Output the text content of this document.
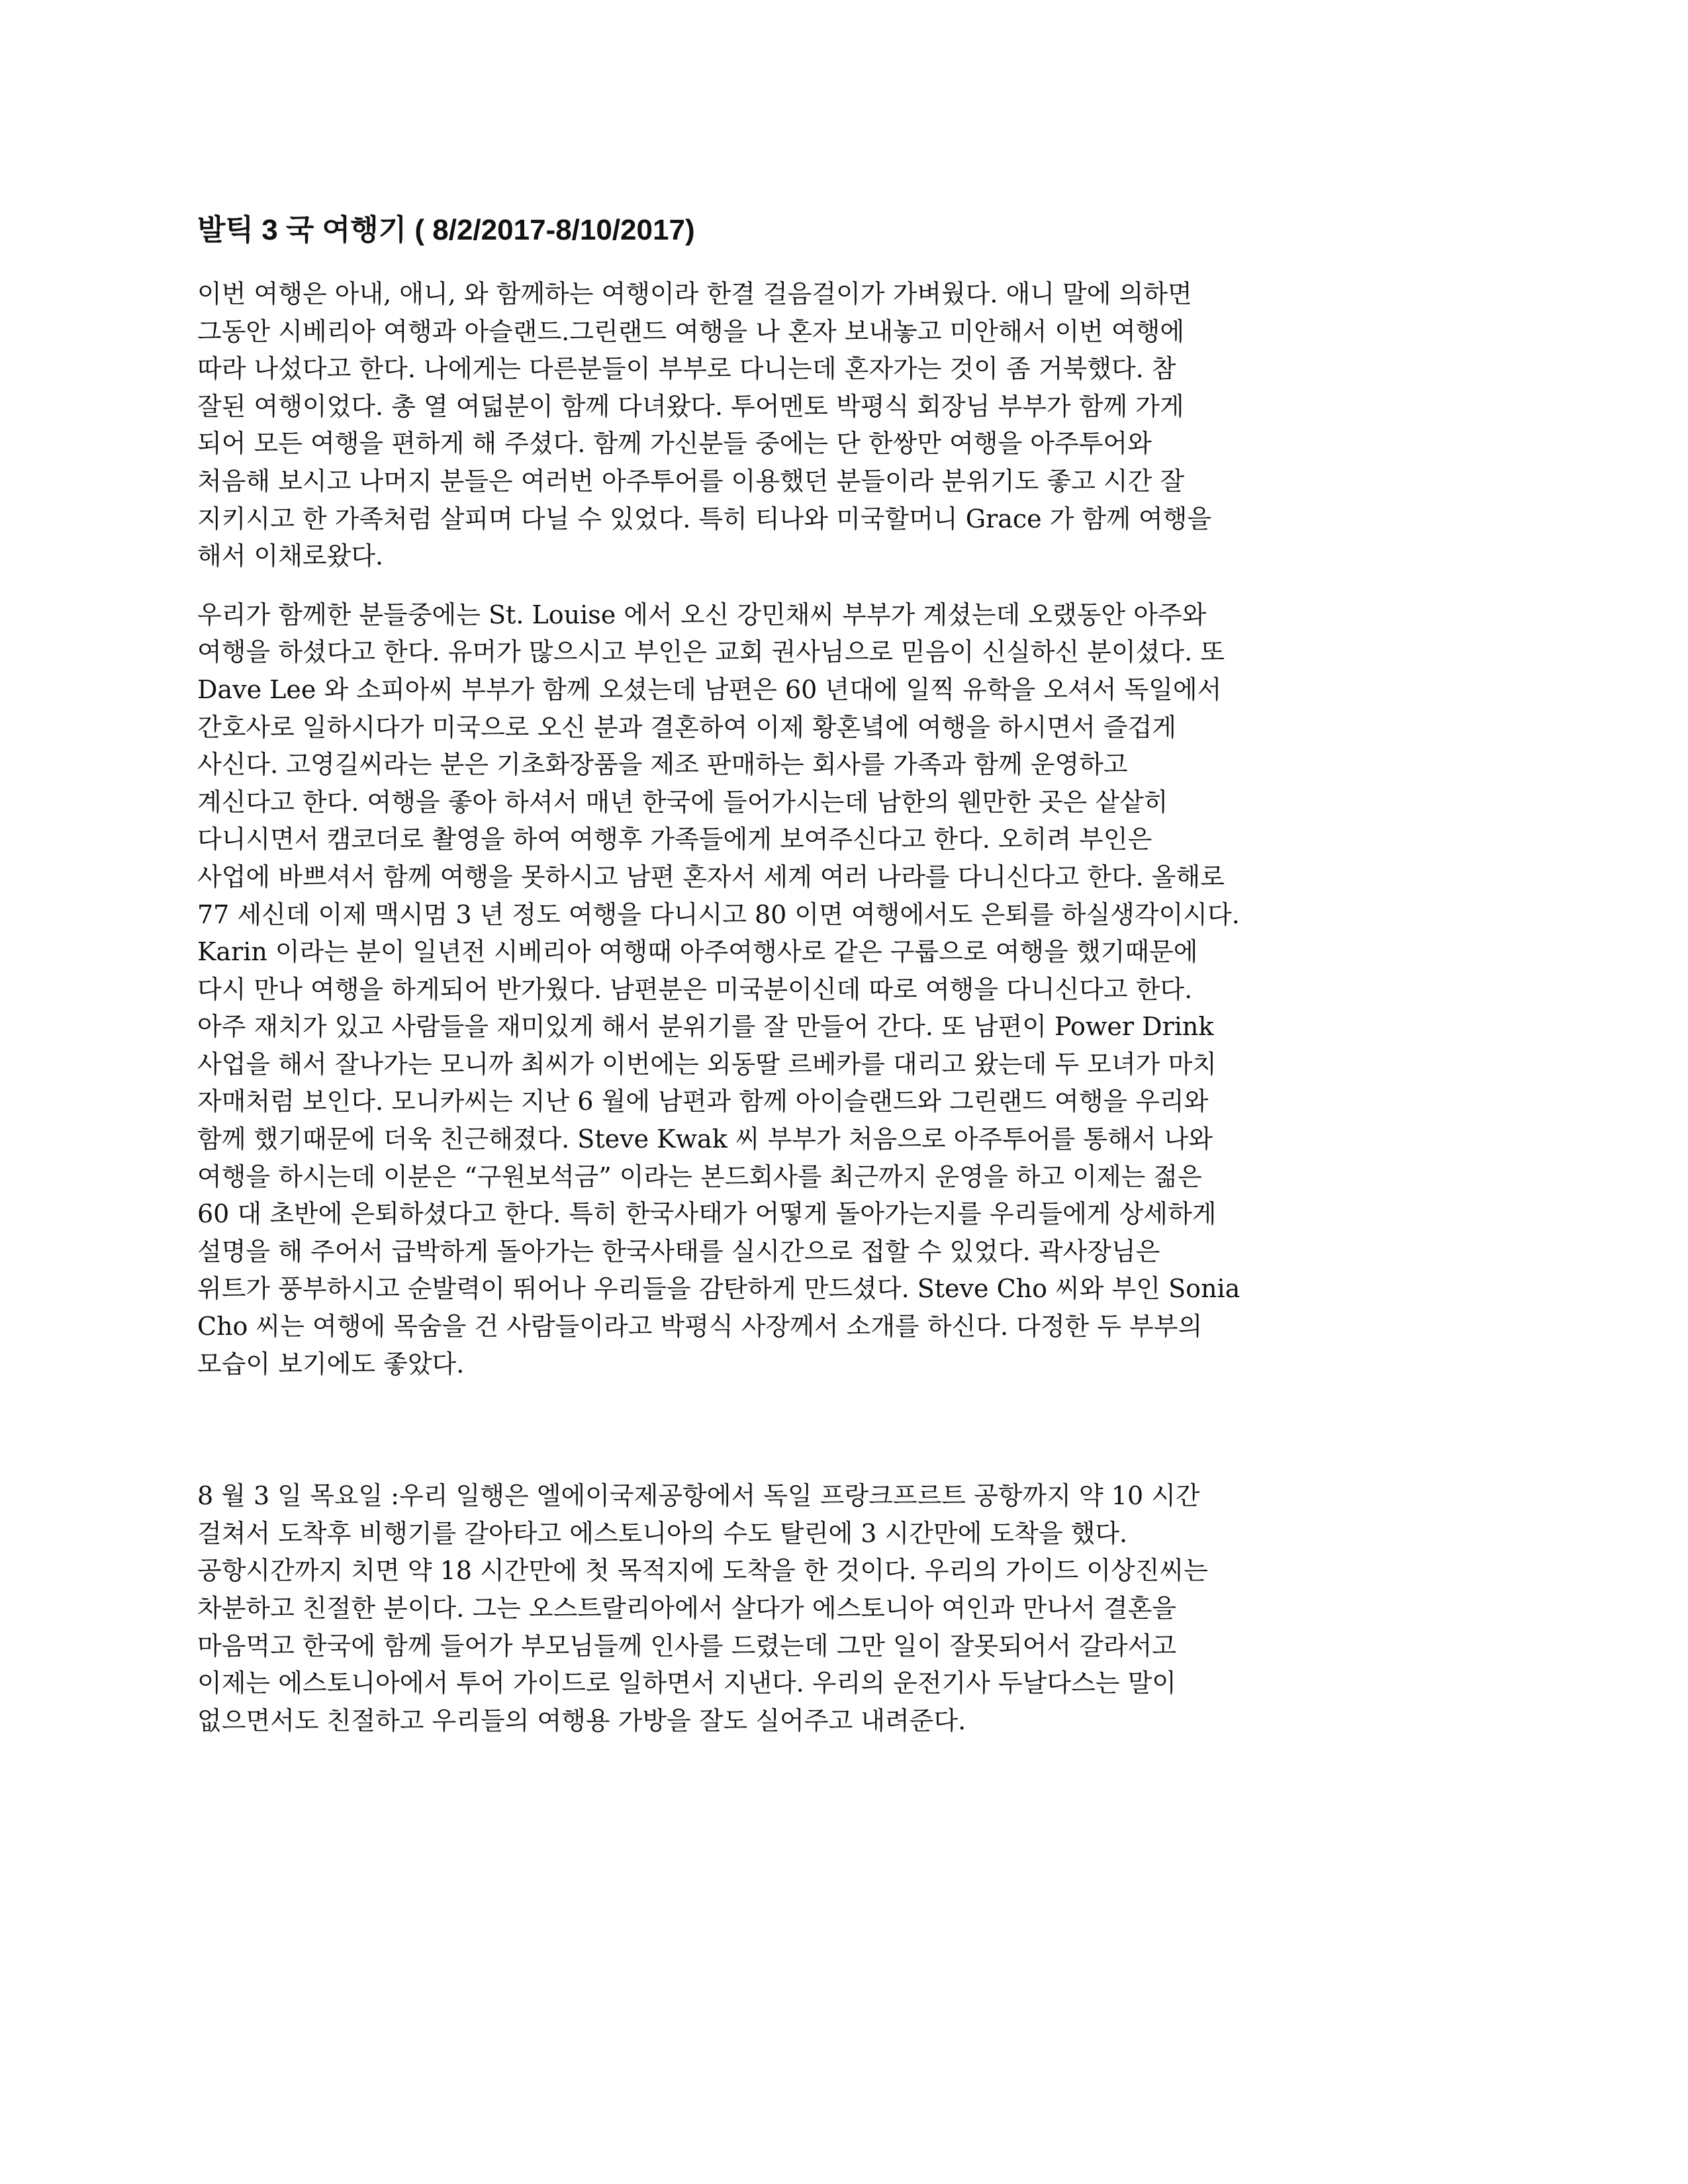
발틱 3 국 여행기 ( 8/2/2017-8/10/2017)
이번 여행은 아내, 애니, 와 함께하는 여행이라 한결 걸음걸이가 가벼웠다. 애니 말에 의하면
그동안 시베리아 여행과 아슬랜드.그린랜드 여행을 나 혼자 보내놓고 미안해서 이번 여행에
따라 나섰다고 한다. 나에게는 다른분들이 부부로 다니는데 혼자가는 것이 좀 거북했다. 참
잘된 여행이었다. 총 열 여덟분이 함께 다녀왔다. 투어멘토 박평식 회장님 부부가 함께 가게
되어 모든 여행을 편하게 해 주셨다. 함께 가신분들 중에는 단 한쌍만 여행을 아주투어와
처음해 보시고 나머지 분들은 여러번 아주투어를 이용했던 분들이라 분위기도 좋고 시간 잘
지키시고 한 가족처럼 살피며 다닐 수 있었다. 특히 티나와 미국할머니 Grace 가 함께 여행을
해서 이채로왔다.
우리가 함께한 분들중에는 St. Louise 에서 오신 강민채씨 부부가 계셨는데 오랬동안 아주와
여행을 하셨다고 한다. 유머가 많으시고 부인은 교회 권사님으로 믿음이 신실하신 분이셨다. 또
Dave Lee 와 소피아씨 부부가 함께 오셨는데 남편은 60 년대에 일찍 유학을 오셔서 독일에서
간호사로 일하시다가 미국으로 오신 분과 결혼하여 이제 황혼녘에 여행을 하시면서 즐겁게
사신다. 고영길씨라는 분은 기초화장품을 제조 판매하는 회사를 가족과 함께 운영하고
계신다고 한다. 여행을 좋아 하셔서 매년 한국에 들어가시는데 남한의 웬만한 곳은 샅샅히
다니시면서 캠코더로 촬영을 하여 여행후 가족들에게 보여주신다고 한다. 오히려 부인은
사업에 바쁘셔서 함께 여행을 못하시고 남편 혼자서 세계 여러 나라를 다니신다고 한다. 올해로
77 세신데 이제 맥시멈 3 년 정도 여행을 다니시고 80 이면 여행에서도 은퇴를 하실생각이시다.
Karin 이라는 분이 일년전 시베리아 여행때 아주여행사로 같은 구룹으로 여행을 했기때문에
다시 만나 여행을 하게되어 반가웠다. 남편분은 미국분이신데 따로 여행을 다니신다고 한다.
아주 재치가 있고 사람들을 재미있게 해서 분위기를 잘 만들어 간다. 또 남편이 Power Drink
사업을 해서 잘나가는 모니까 최씨가 이번에는 외동딸 르베카를 대리고 왔는데 두 모녀가 마치
자매처럼 보인다. 모니카씨는 지난 6 월에 남편과 함께 아이슬랜드와 그린랜드 여행을 우리와
함께 했기때문에 더욱 친근해졌다. Steve Kwak 씨 부부가 처음으로 아주투어를 통해서 나와
여행을 하시는데 이분은 “구원보석금” 이라는 본드회사를 최근까지 운영을 하고 이제는 젊은
60 대 초반에 은퇴하셨다고 한다. 특히 한국사태가 어떻게 돌아가는지를 우리들에게 상세하게
설명을 해 주어서 급박하게 돌아가는 한국사태를 실시간으로 접할 수 있었다. 곽사장님은
위트가 풍부하시고 순발력이 뛰어나 우리들을 감탄하게 만드셨다. Steve Cho 씨와 부인 Sonia
Cho 씨는 여행에 목숨을 건 사람들이라고 박평식 사장께서 소개를 하신다. 다정한 두 부부의
모습이 보기에도 좋았다.
8 월 3 일 목요일 :우리 일행은 엘에이국제공항에서 독일 프랑크프르트 공항까지 약 10 시간
걸쳐서 도착후 비행기를 갈아타고 에스토니아의 수도 탈린에 3 시간만에 도착을 했다.
공항시간까지 치면 약 18 시간만에 첫 목적지에 도착을 한 것이다. 우리의 가이드 이상진씨는
차분하고 친절한 분이다. 그는 오스트랄리아에서 살다가 에스토니아 여인과 만나서 결혼을
마음먹고 한국에 함께 들어가 부모님들께 인사를 드렸는데 그만 일이 잘못되어서 갈라서고
이제는 에스토니아에서 투어 가이드로 일하면서 지낸다. 우리의 운전기사 두날다스는 말이
없으면서도 친절하고 우리들의 여행용 가방을 잘도 실어주고 내려준다.
